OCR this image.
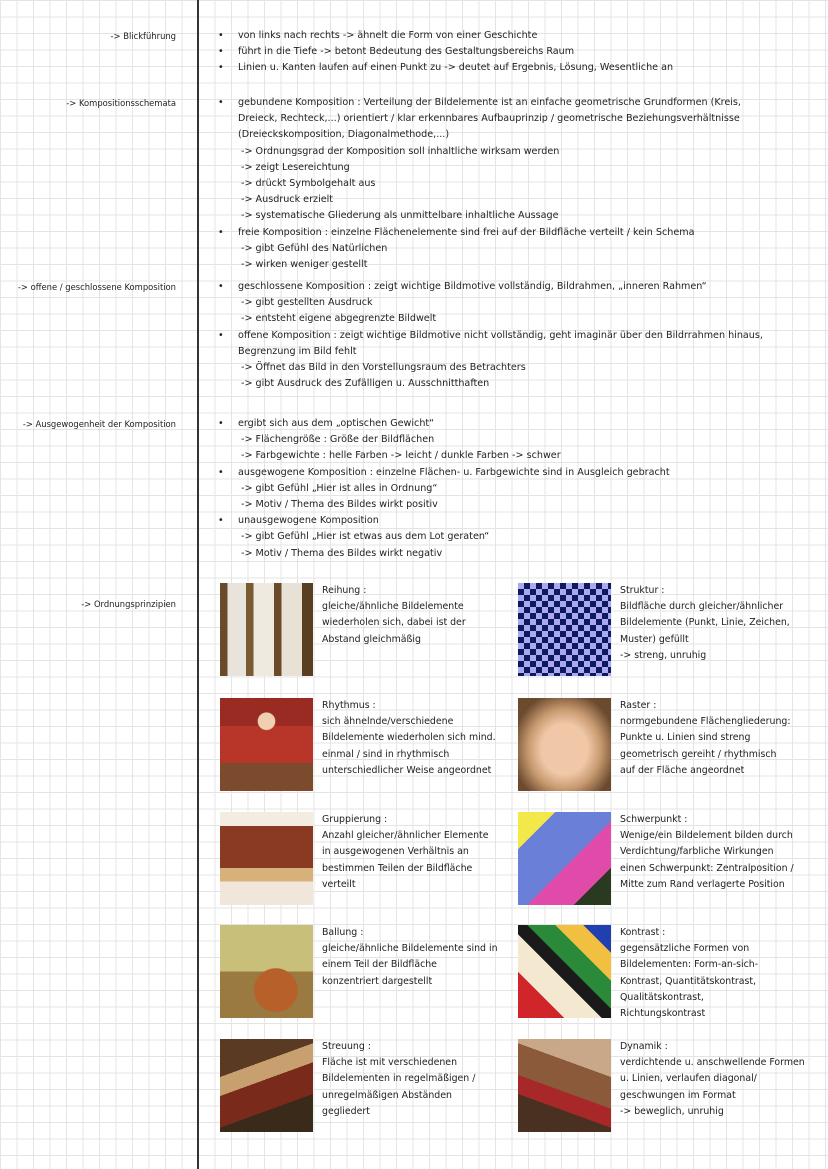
-> Blickführung
-> Kompositionsschemata
-> offene / geschlossene Komposition
-> Ausgewogenheit der Komposition
-> Ordnungsprinzipien
• von links nach rechts -> ähnelt die Form von einer Geschichte
• führt in die Tiefe -> betont Bedeutung des Gestaltungsbereichs Raum
• Linien u. Kanten laufen auf einen Punkt zu -> deutet auf Ergebnis, Lösung, Wesentliche an
• gebundene Komposition : Verteilung der Bildelemente ist an einfache geometrische Grundformen (Kreis,
Dreieck, Rechteck,...) orientiert / klar erkennbares Aufbauprinzip / geometrische Beziehungsverhältnisse
(Dreieckskomposition, Diagonalmethode,...)
-> Ordnungsgrad der Komposition soll inhaltliche wirksam werden
-> zeigt Lesereichtung
-> drückt Symbolgehalt aus
-> Ausdruck erzielt
-> systematische Gliederung als unmittelbare inhaltliche Aussage
• freie Komposition : einzelne Flächenelemente sind frei auf der Bildfläche verteilt / kein Schema
-> gibt Gefühl des Natürlichen
-> wirken weniger gestellt
• geschlossene Komposition : zeigt wichtige Bildmotive vollständig, Bildrahmen, „inneren Rahmen“
-> gibt gestellten Ausdruck
-> entsteht eigene abgegrenzte Bildwelt
• offene Komposition : zeigt wichtige Bildmotive nicht vollständig, geht imaginär über den Bildrrahmen hinaus,
Begrenzung im Bild fehlt
-> Öffnet das Bild in den Vorstellungsraum des Betrachters
-> gibt Ausdruck des Zufälligen u. Ausschnitthaften
• ergibt sich aus dem „optischen Gewicht“
-> Flächengröße : Größe der Bildflächen
-> Farbgewichte : helle Farben -> leicht / dunkle Farben -> schwer
• ausgewogene Komposition : einzelne Flächen- u. Farbgewichte sind in Ausgleich gebracht
-> gibt Gefühl „Hier ist alles in Ordnung“
-> Motiv / Thema des Bildes wirkt positiv
• unausgewogene Komposition
-> gibt Gefühl „Hier ist etwas aus dem Lot geraten“
-> Motiv / Thema des Bildes wirkt negativ
Reihung :
gleiche/ähnliche Bildelemente
wiederholen sich, dabei ist der
Abstand gleichmäßig
Struktur :
Bildfläche durch gleicher/ähnlicher
Bildelemente (Punkt, Linie, Zeichen,
Muster) gefüllt
-> streng, unruhig
Rhythmus :
sich ähnelnde/verschiedene
Bildelemente wiederholen sich mind.
einmal / sind in rhythmisch
unterschiedlicher Weise angeordnet
Raster :
normgebundene Flächengliederung:
Punkte u. Linien sind streng
geometrisch gereiht / rhythmisch
auf der Fläche angeordnet
Gruppierung :
Anzahl gleicher/ähnlicher Elemente
in ausgewogenen Verhältnis an
bestimmen Teilen der Bildfläche
verteilt
Schwerpunkt :
Wenige/ein Bildelement bilden durch
Verdichtung/farbliche Wirkungen
einen Schwerpunkt: Zentralposition /
Mitte zum Rand verlagerte Position
Ballung :
gleiche/ähnliche Bildelemente sind in
einem Teil der Bildfläche
konzentriert dargestellt
Kontrast :
gegensätzliche Formen von
Bildelementen: Form-an-sich-
Kontrast, Quantitätskontrast,
Qualitätskontrast,
Richtungskontrast
Streuung :
Fläche ist mit verschiedenen
Bildelementen in regelmäßigen /
unregelmäßigen Abständen
gegliedert
Dynamik :
verdichtende u. anschwellende Formen
u. Linien, verlaufen diagonal/
geschwungen im Format
-> beweglich, unruhig
